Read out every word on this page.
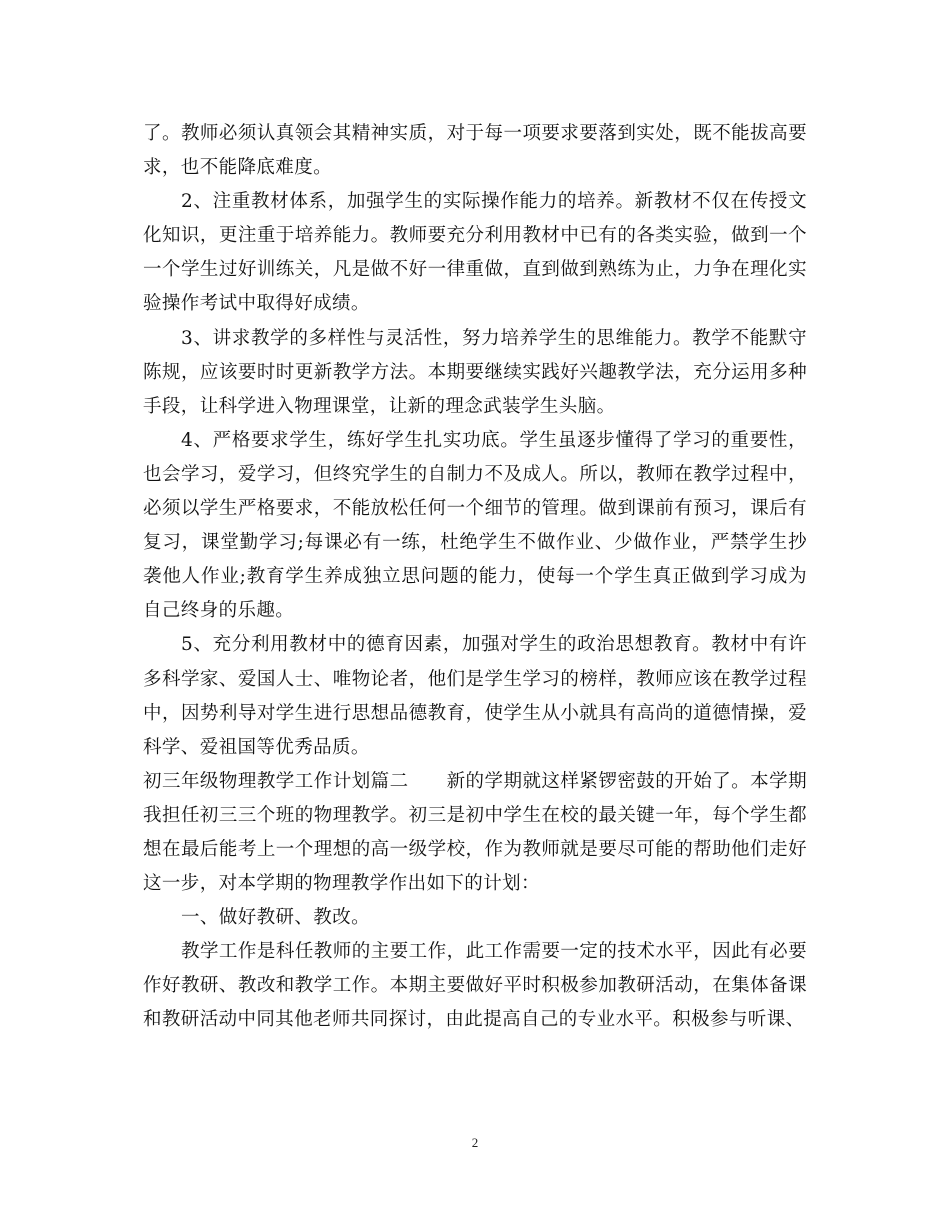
了。教师必须认真领会其精神实质，对于每一项要求要落到实处，既不能拔高要求，也不能降底难度。

2、注重教材体系，加强学生的实际操作能力的培养。新教材不仅在传授文化知识，更注重于培养能力。教师要充分利用教材中已有的各类实验，做到一个一个学生过好训练关，凡是做不好一律重做，直到做到熟练为止，力争在理化实验操作考试中取得好成绩。

3、讲求教学的多样性与灵活性，努力培养学生的思维能力。教学不能默守陈规，应该要时时更新教学方法。本期要继续实践好兴趣教学法，充分运用多种手段，让科学进入物理课堂，让新的理念武装学生头脑。

4、严格要求学生，练好学生扎实功底。学生虽逐步懂得了学习的重要性，也会学习，爱学习，但终究学生的自制力不及成人。所以，教师在教学过程中，必须以学生严格要求，不能放松任何一个细节的管理。做到课前有预习，课后有复习，课堂勤学习;每课必有一练，杜绝学生不做作业、少做作业，严禁学生抄袭他人作业;教育学生养成独立思问题的能力，使每一个学生真正做到学习成为自己终身的乐趣。

5、充分利用教材中的德育因素，加强对学生的政治思想教育。教材中有许多科学家、爱国人士、唯物论者，他们是学生学习的榜样，教师应该在教学过程中，因势利导对学生进行思想品德教育，使学生从小就具有高尚的道德情操，爱科学、爱祖国等优秀品质。

初三年级物理教学工作计划篇二　　新的学期就这样紧锣密鼓的开始了。本学期我担任初三三个班的物理教学。初三是初中学生在校的最关键一年，每个学生都想在最后能考上一个理想的高一级学校，作为教师就是要尽可能的帮助他们走好这一步，对本学期的物理教学作出如下的计划：

一、做好教研、教改。

教学工作是科任教师的主要工作，此工作需要一定的技术水平，因此有必要作好教研、教改和教学工作。本期主要做好平时积极参加教研活动，在集体备课和教研活动中同其他老师共同探讨，由此提高自己的专业水平。积极参与听课、

2
